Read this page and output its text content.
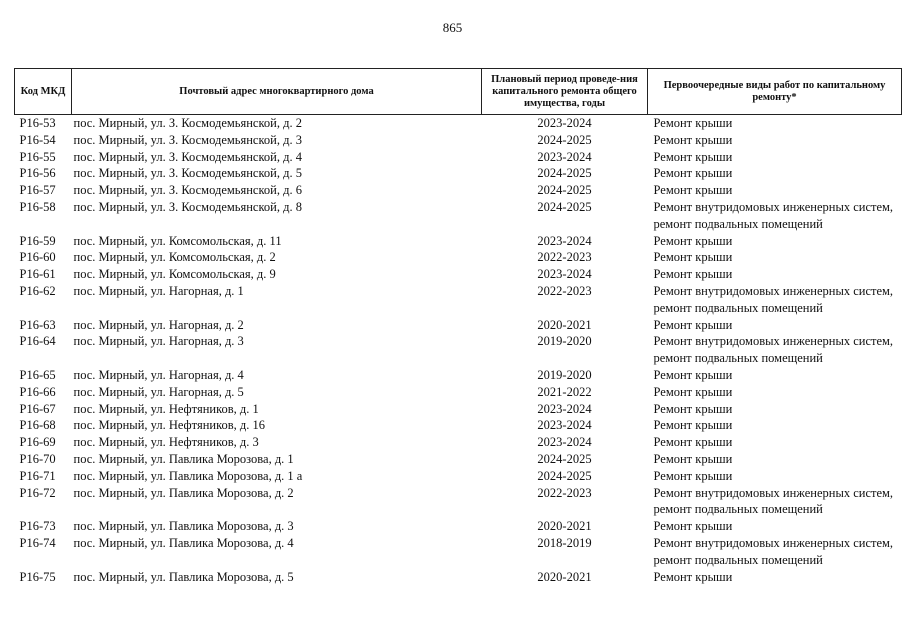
865
Код МКД	Почтовый адрес многоквартирного дома	Плановый период проведе-ния капитального ремонта общего имущества, годы	Первоочередные виды работ по капитальному ремонту*
Р16-53	пос. Мирный, ул. З. Космодемьянской, д. 2	2023-2024	Ремонт крыши

Р16-54	пос. Мирный, ул. З. Космодемьянской, д. 3	2024-2025	Ремонт крыши

Р16-55	пос. Мирный, ул. З. Космодемьянской, д. 4	2023-2024	Ремонт крыши

Р16-56	пос. Мирный, ул. З. Космодемьянской, д. 5	2024-2025	Ремонт крыши

Р16-57	пос. Мирный, ул. З. Космодемьянской, д. 6	2024-2025	Ремонт крыши

Р16-58	пос. Мирный, ул. З. Космодемьянской, д. 8	2024-2025	Ремонт внутридомовых инженерных систем,
ремонт подвальных помещений

Р16-59	пос. Мирный, ул. Комсомольская, д. 11	2023-2024	Ремонт крыши

Р16-60	пос. Мирный, ул. Комсомольская, д. 2	2022-2023	Ремонт крыши

Р16-61	пос. Мирный, ул. Комсомольская, д. 9	2023-2024	Ремонт крыши

Р16-62	пос. Мирный, ул. Нагорная, д. 1	2022-2023	Ремонт внутридомовых инженерных систем,
ремонт подвальных помещений

Р16-63	пос. Мирный, ул. Нагорная, д. 2	2020-2021	Ремонт крыши

Р16-64	пос. Мирный, ул. Нагорная, д. 3	2019-2020	Ремонт внутридомовых инженерных систем,
ремонт подвальных помещений

Р16-65	пос. Мирный, ул. Нагорная, д. 4	2019-2020	Ремонт крыши

Р16-66	пос. Мирный, ул. Нагорная, д. 5	2021-2022	Ремонт крыши

Р16-67	пос. Мирный, ул. Нефтяников, д. 1	2023-2024	Ремонт крыши

Р16-68	пос. Мирный, ул. Нефтяников, д. 16	2023-2024	Ремонт крыши

Р16-69	пос. Мирный, ул. Нефтяников, д. 3	2023-2024	Ремонт крыши

Р16-70	пос. Мирный, ул. Павлика Морозова, д. 1	2024-2025	Ремонт крыши

Р16-71	пос. Мирный, ул. Павлика Морозова, д. 1 а	2024-2025	Ремонт крыши

Р16-72	пос. Мирный, ул. Павлика Морозова, д. 2	2022-2023	Ремонт внутридомовых инженерных систем,
ремонт подвальных помещений

Р16-73	пос. Мирный, ул. Павлика Морозова, д. 3	2020-2021	Ремонт крыши

Р16-74	пос. Мирный, ул. Павлика Морозова, д. 4	2018-2019	Ремонт внутридомовых инженерных систем,
ремонт подвальных помещений

Р16-75	пос. Мирный, ул. Павлика Морозова, д. 5	2020-2021	Ремонт крыши
